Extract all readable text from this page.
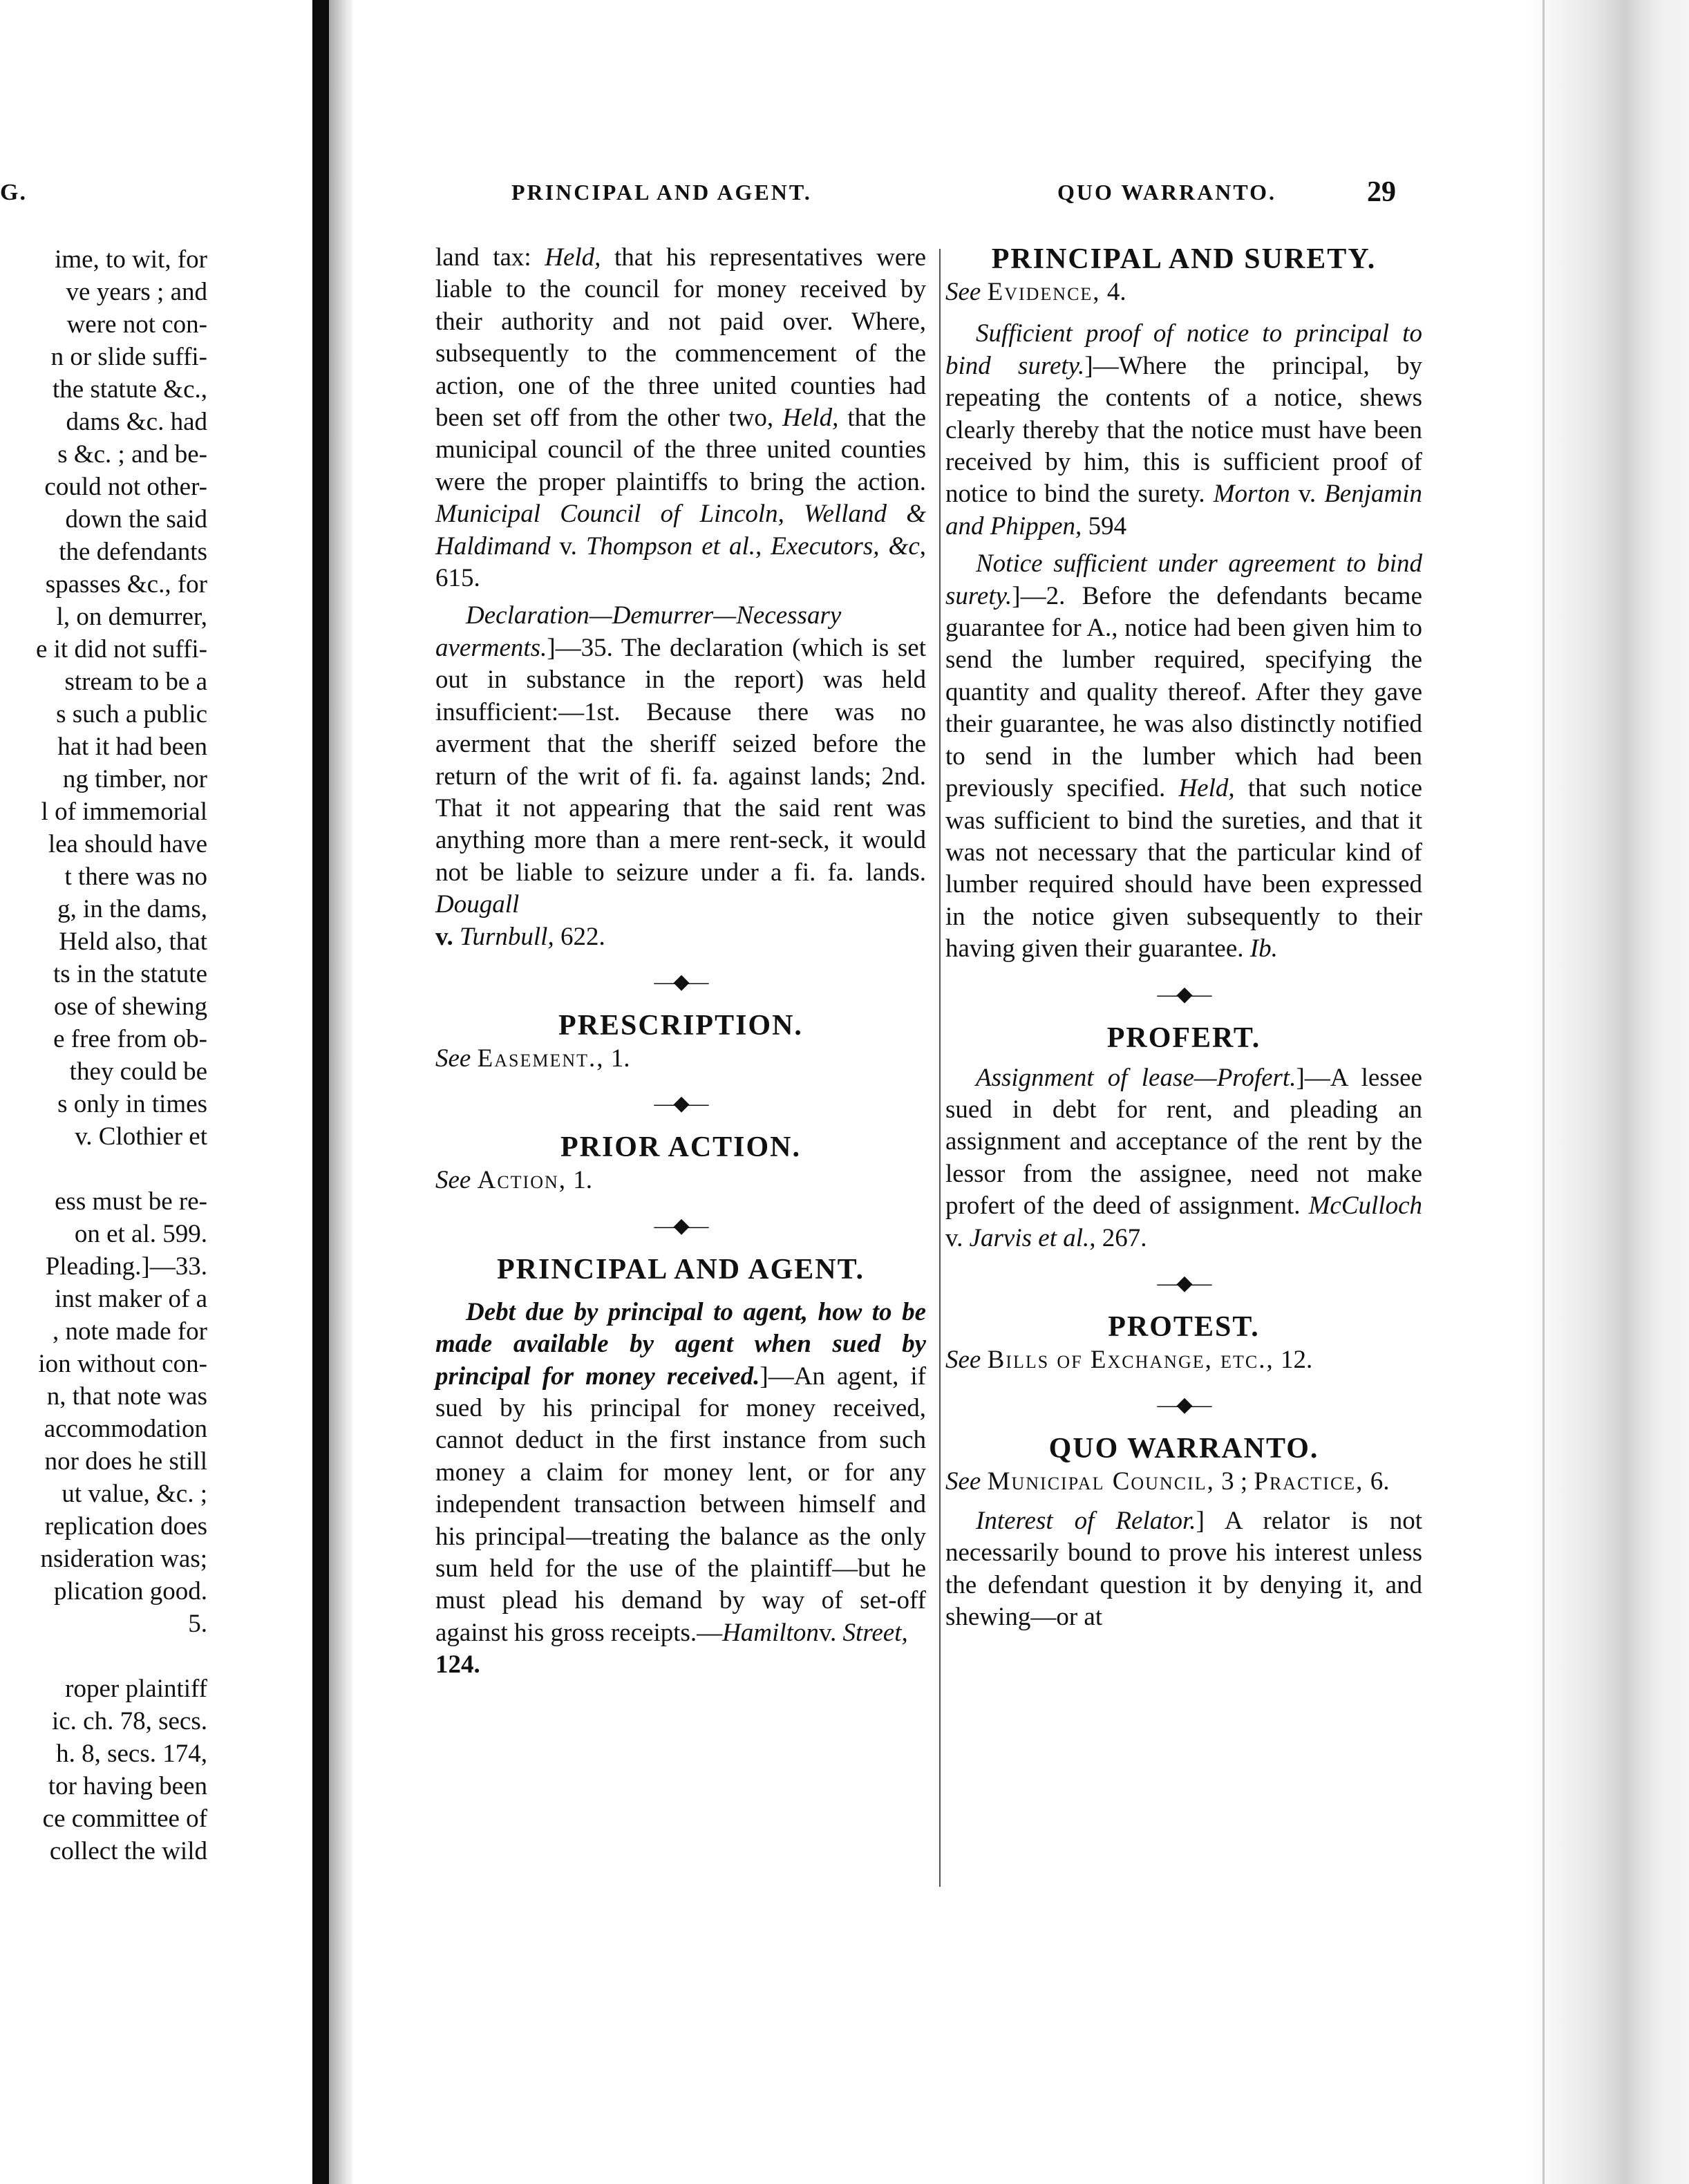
G.
ime, to wit, for
ve years ; and
were not con-
n or slide suffi-
the statute &c.,
dams &c. had
s &c. ; and be-
could not other-
down the said
the defendants
spasses &c., for
l, on demurrer,
e it did not suffi-
stream to be a
s such a public
hat it had been
ng timber, nor
l of immemorial
lea should have
t there was no
g, in the dams,
Held also, that
ts in the statute
ose of shewing
e free from ob-
they could be
s only in times
v. Clothier et
ess must be re-
on et al. 599.
Pleading.]—33.
inst maker of a
, note made for
ion without con-
n, that note was
accommodation
nor does he still
ut value, &c. ;
replication does
nsideration was;
plication good.
5.
roper plaintiff
ic. ch. 78, secs.
h. 8, secs. 174,
tor having been
ce committee of
collect the wild
PRINCIPAL AND AGENT.	QUO WARRANTO.	29

land tax: Held, that his representatives were liable to the council for money received by their authority and not paid over. Where, subsequently to the commencement of the action, one of the three united counties had been set off from the other two, Held, that the municipal council of the three united counties were the proper plaintiffs to bring the action. Municipal Council of Lincoln, Welland & Haldimand v. Thompson et al., Executors, &c, 615.

Declaration—Demurrer—Necessary averments.]—35. The declaration (which is set out in substance in the report) was held insufficient:—1st. Because there was no averment that the sheriff seized before the return of the writ of fi. fa. against lands; 2nd. That it not appearing that the said rent was anything more than a mere rent-seck, it would not be liable to seizure under a fi. fa. lands. Dougall
v. Turnbull, 622.

—◆—
PRESCRIPTION.

See Easement., 1.

—◆—
PRIOR ACTION.

See Action, 1.

—◆—
PRINCIPAL AND AGENT.

Debt due by principal to agent, how to be made available by agent when sued by principal for money received.]—An agent, if sued by his principal for money received, cannot deduct in the first instance from such money a claim for money lent, or for any independent transaction between himself and his principal—treating the balance as the only sum held for the use of the plaintiff—but he must plead his demand by way of set-off against his gross receipts.—Hamiltonv. Street,
124.

PRINCIPAL AND SURETY.

See Evidence, 4.

Sufficient proof of notice to principal to bind surety.]—Where the principal, by repeating the contents of a notice, shews clearly thereby that the notice must have been received by him, this is sufficient proof of notice to bind the surety. Morton v. Benjamin and Phippen, 594

Notice sufficient under agreement to bind surety.]—2. Before the defendants became guarantee for A., notice had been given him to send the lumber required, specifying the quantity and quality thereof. After they gave their guarantee, he was also distinctly notified to send in the lumber which had been previously specified. Held, that such notice was sufficient to bind the sureties, and that it was not necessary that the particular kind of lumber required should have been expressed in the notice given subsequently to their having given their guarantee. Ib.

—◆—
PROFERT.

Assignment of lease—Profert.]—A lessee sued in debt for rent, and pleading an assignment and acceptance of the rent by the lessor from the assignee, need not make profert of the deed of assignment. McCulloch v. Jarvis et al., 267.

—◆—
PROTEST.

See Bills of Exchange, etc., 12.

—◆—
QUO WARRANTO.

See Municipal Council, 3 ; Practice, 6.

Interest of Relator.] A relator is not necessarily bound to prove his interest unless the defendant question it by denying it, and shewing—or at
